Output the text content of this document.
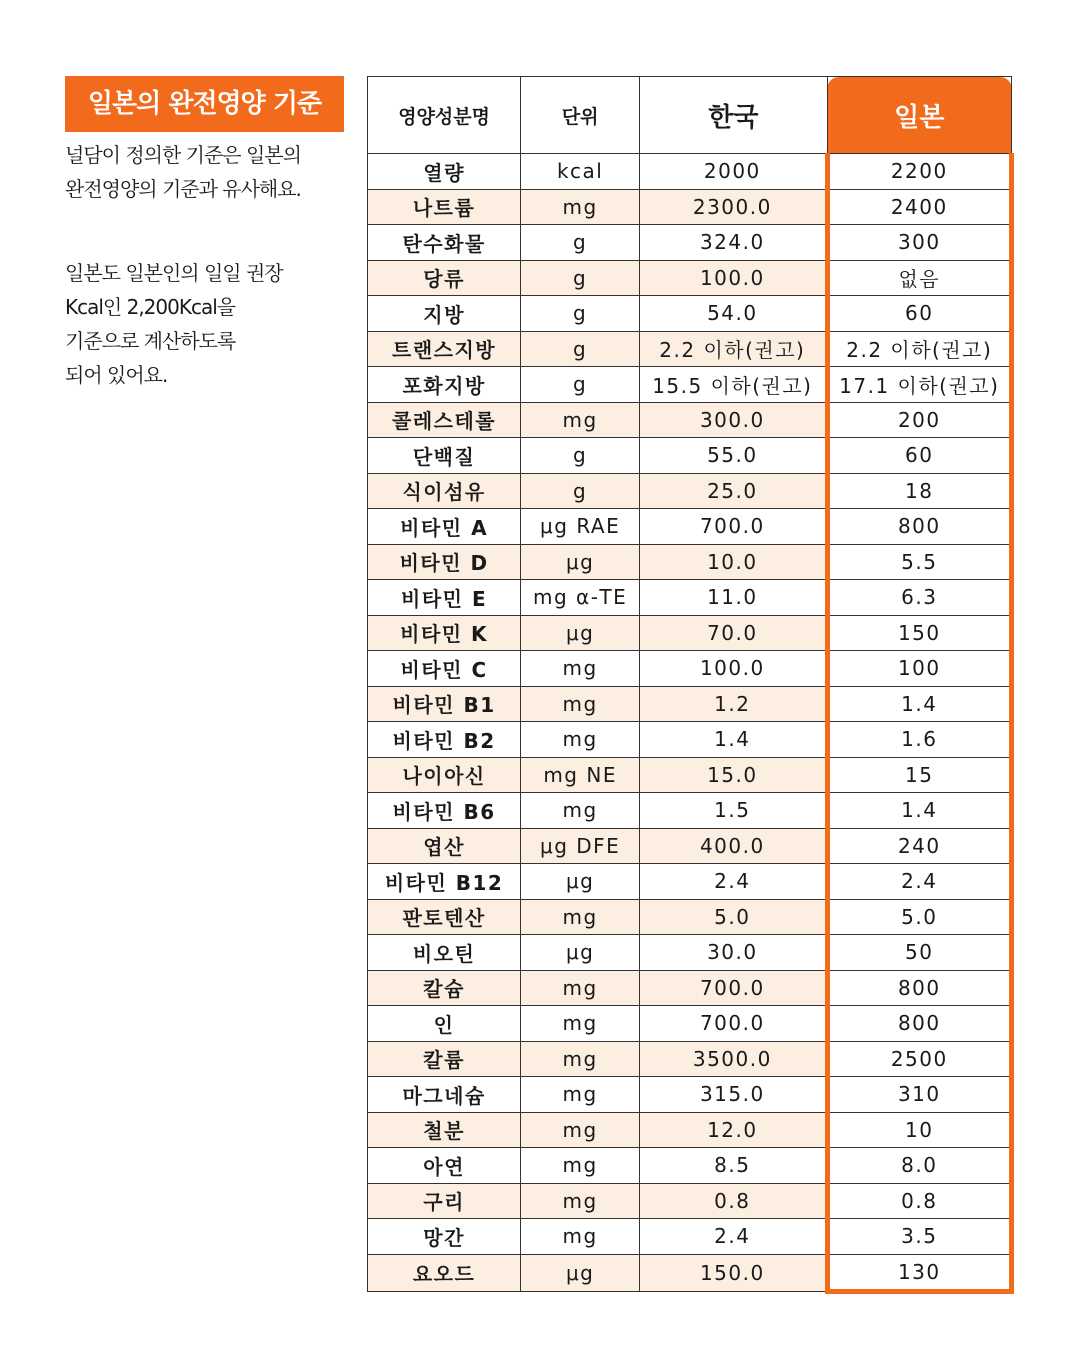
일본의 완전영양 기준

널담이 정의한 기준은 일본의

완전영양의 기준과 유사해요.

일본도 일본인의 일일 권장

Kcal인 2,200Kcal을

기준으로 계산하도록

되어 있어요.

영양성분명	단위	한국	일본
열량	kcal	2000	2200
나트륨	mg	2300.0	2400
탄수화물	g	324.0	300
당류	g	100.0	없음
지방	g	54.0	60
트랜스지방	g	2.2 이하(권고)	2.2 이하(권고)
포화지방	g	15.5 이하(권고)	17.1 이하(권고)
콜레스테롤	mg	300.0	200
단백질	g	55.0	60
식이섬유	g	25.0	18
비타민 A	μg RAE	700.0	800
비타민 D	μg	10.0	5.5
비타민 E	mg α-TE	11.0	6.3
비타민 K	μg	70.0	150
비타민 C	mg	100.0	100
비타민 B1	mg	1.2	1.4
비타민 B2	mg	1.4	1.6
나이아신	mg NE	15.0	15
비타민 B6	mg	1.5	1.4
엽산	μg DFE	400.0	240
비타민 B12	μg	2.4	2.4
판토텐산	mg	5.0	5.0
비오틴	μg	30.0	50
칼슘	mg	700.0	800
인	mg	700.0	800
칼륨	mg	3500.0	2500
마그네슘	mg	315.0	310
철분	mg	12.0	10
아연	mg	8.5	8.0
구리	mg	0.8	0.8
망간	mg	2.4	3.5
요오드	μg	150.0	130
